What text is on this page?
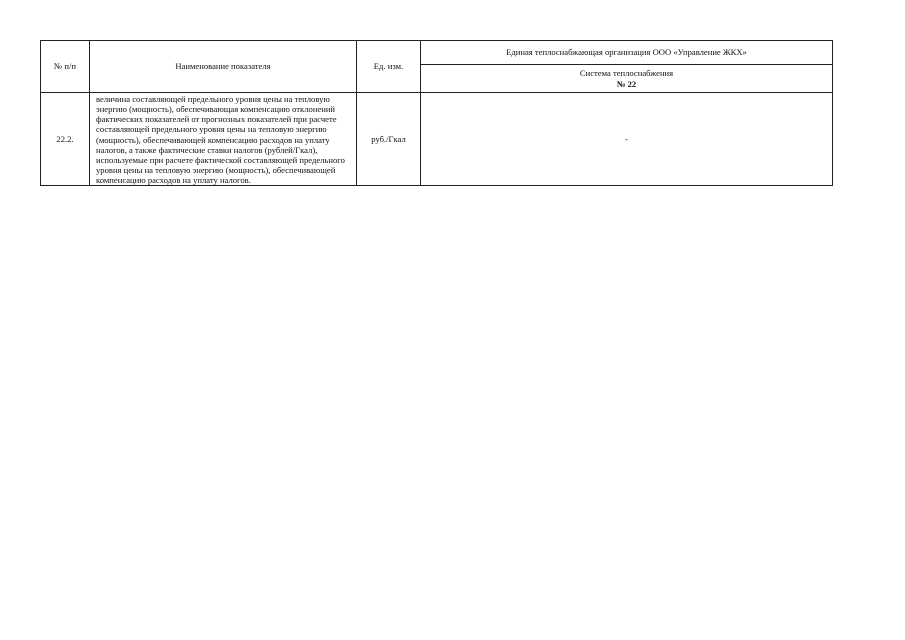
№ п/п	Наименование показателя	Ед. изм.	Единая теплоснабжающая организация ООО «Управление ЖКХ»

			Система теплоснабжения
№ 22

22.2.	величина составляющей предельного уровня цены на тепловую энергию (мощность), обеспечивающая компенсацию отклонений фактических показателей от прогнозных показателей при расчете составляющей предельного уровня цены на тепловую энергию (мощность), обеспечивающей компенсацию расходов на уплату налогов, а также фактические ставки налогов (рублей/Гкал), используемые при расчете фактической составляющей предельного уровня цены на тепловую энергию (мощность), обеспечивающей компенсацию расходов на уплату налогов.	руб./Гкал	-
